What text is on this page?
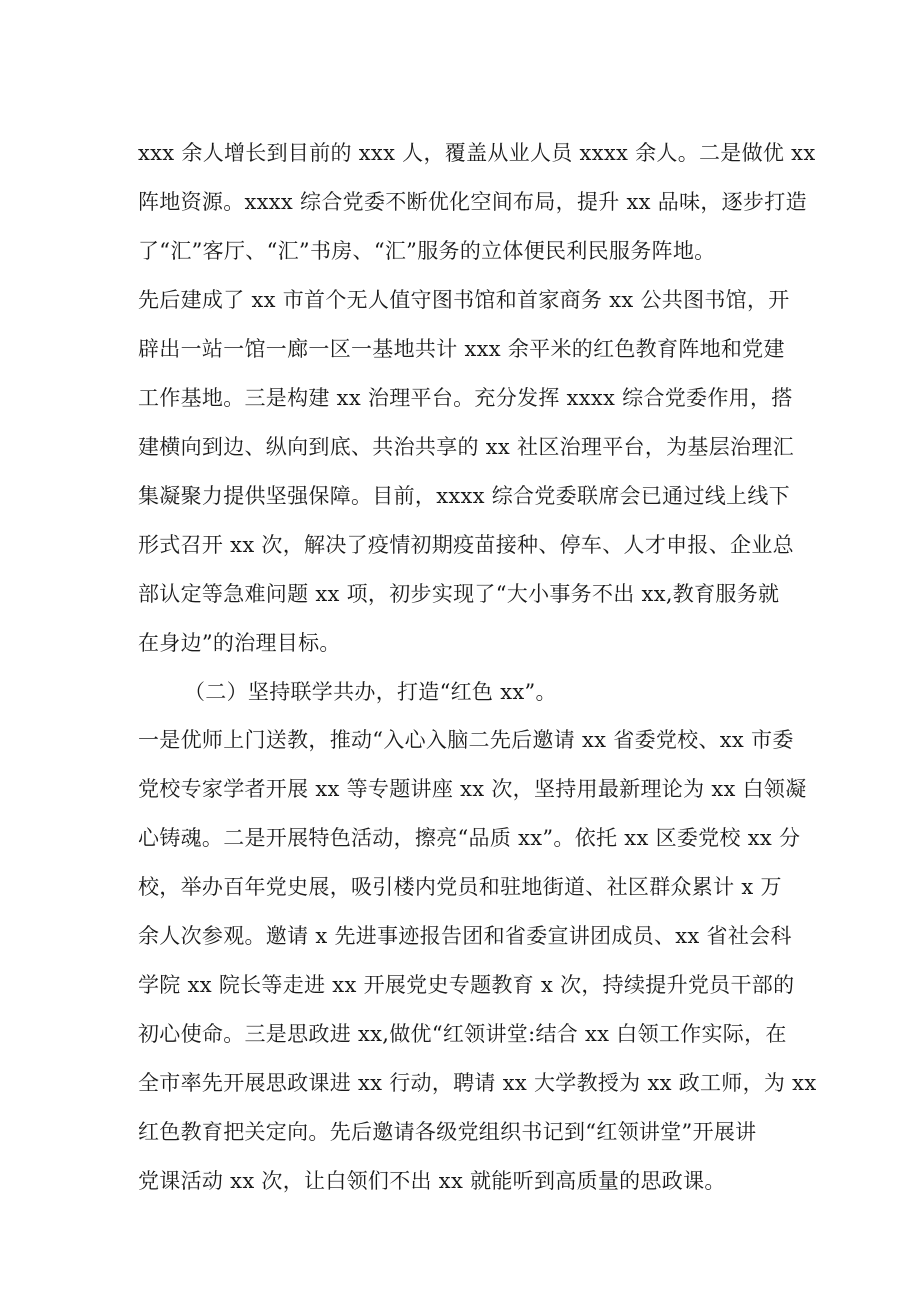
xxx 余人增长到目前的 xxx 人，覆盖从业人员 xxxx 余人。二是做优 xx
阵地资源。xxxx 综合党委不断优化空间布局，提升 xx 品味，逐步打造
了“汇”客厅、“汇”书房、“汇”服务的立体便民利民服务阵地。
先后建成了 xx 市首个无人值守图书馆和首家商务 xx 公共图书馆，开
辟出一站一馆一廊一区一基地共计 xxx 余平米的红色教育阵地和党建
工作基地。三是构建 xx 治理平台。充分发挥 xxxx 综合党委作用，搭
建横向到边、纵向到底、共治共享的 xx 社区治理平台，为基层治理汇
集凝聚力提供坚强保障。目前，xxxx 综合党委联席会已通过线上线下
形式召开 xx 次，解决了疫情初期疫苗接种、停车、人才申报、企业总
部认定等急难问题 xx 项，初步实现了“大小事务不出 xx,教育服务就
在身边”的治理目标。
（二）坚持联学共办，打造“红色 xx”。
一是优师上门送教，推动“入心入脑二先后邀请 xx 省委党校、xx 市委
党校专家学者开展 xx 等专题讲座 xx 次，坚持用最新理论为 xx 白领凝
心铸魂。二是开展特色活动，擦亮“品质 xx”。依托 xx 区委党校 xx 分
校，举办百年党史展，吸引楼内党员和驻地街道、社区群众累计 x 万
余人次参观。邀请 x 先进事迹报告团和省委宣讲团成员、xx 省社会科
学院 xx 院长等走进 xx 开展党史专题教育 x 次，持续提升党员干部的
初心使命。三是思政进 xx,做优“红领讲堂:结合 xx 白领工作实际，在
全市率先开展思政课进 xx 行动，聘请 xx 大学教授为 xx 政工师，为 xx
红色教育把关定向。先后邀请各级党组织书记到“红领讲堂”开展讲
党课活动 xx 次，让白领们不出 xx 就能听到高质量的思政课。
